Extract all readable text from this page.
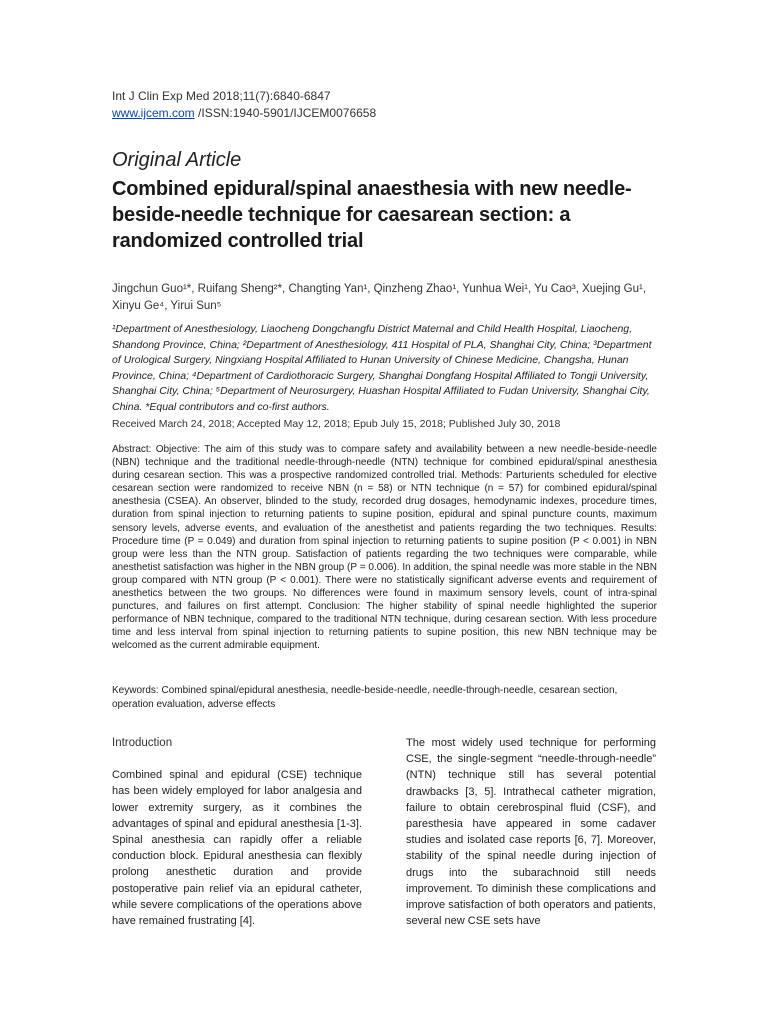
Int J Clin Exp Med 2018;11(7):6840-6847
www.ijcem.com /ISSN:1940-5901/IJCEM0076658
Original Article
Combined epidural/spinal anaesthesia with new needle-beside-needle technique for caesarean section: a randomized controlled trial
Jingchun Guo¹*, Ruifang Sheng²*, Changting Yan¹, Qinzheng Zhao¹, Yunhua Wei¹, Yu Cao³, Xuejing Gu¹, Xinyu Ge⁴, Yirui Sun⁵
¹Department of Anesthesiology, Liaocheng Dongchangfu District Maternal and Child Health Hospital, Liaocheng, Shandong Province, China; ²Department of Anesthesiology, 411 Hospital of PLA, Shanghai City, China; ³Department of Urological Surgery, Ningxiang Hospital Affiliated to Hunan University of Chinese Medicine, Changsha, Hunan Province, China; ⁴Department of Cardiothoracic Surgery, Shanghai Dongfang Hospital Affiliated to Tongji University, Shanghai City, China; ⁵Department of Neurosurgery, Huashan Hospital Affiliated to Fudan University, Shanghai City, China. *Equal contributors and co-first authors.
Received March 24, 2018; Accepted May 12, 2018; Epub July 15, 2018; Published July 30, 2018
Abstract: Objective: The aim of this study was to compare safety and availability between a new needle-beside-needle (NBN) technique and the traditional needle-through-needle (NTN) technique for combined epidural/spinal anesthesia during cesarean section. This was a prospective randomized controlled trial. Methods: Parturients scheduled for elective cesarean section were randomized to receive NBN (n = 58) or NTN technique (n = 57) for combined epidural/spinal anesthesia (CSEA). An observer, blinded to the study, recorded drug dosages, hemodynamic indexes, procedure times, duration from spinal injection to returning patients to supine position, epidural and spinal puncture counts, maximum sensory levels, adverse events, and evaluation of the anesthetist and patients regarding the two techniques. Results: Procedure time (P = 0.049) and duration from spinal injection to returning patients to supine position (P < 0.001) in NBN group were less than the NTN group. Satisfaction of patients regarding the two techniques were comparable, while anesthetist satisfaction was higher in the NBN group (P = 0.006). In addition, the spinal needle was more stable in the NBN group compared with NTN group (P < 0.001). There were no statistically significant adverse events and requirement of anesthetics between the two groups. No differences were found in maximum sensory levels, count of intra-spinal punctures, and failures on first attempt. Conclusion: The higher stability of spinal needle highlighted the superior performance of NBN technique, compared to the traditional NTN technique, during cesarean section. With less procedure time and less interval from spinal injection to returning patients to supine position, this new NBN technique may be welcomed as the current admirable equipment.
Keywords: Combined spinal/epidural anesthesia, needle-beside-needle, needle-through-needle, cesarean section, operation evaluation, adverse effects
Introduction

Combined spinal and epidural (CSE) technique has been widely employed for labor analgesia and lower extremity surgery, as it combines the advantages of spinal and epidural anesthesia [1-3]. Spinal anesthesia can rapidly offer a reliable conduction block. Epidural anesthesia can flexibly prolong anesthetic duration and provide postoperative pain relief via an epidural catheter, while severe complications of the operations above have remained frustrating [4].

The most widely used technique for performing CSE, the single-segment “needle-through-needle” (NTN) technique still has several potential drawbacks [3, 5]. Intrathecal catheter migration, failure to obtain cerebrospinal fluid (CSF), and paresthesia have appeared in some cadaver studies and isolated case reports [6, 7]. Moreover, stability of the spinal needle during injection of drugs into the subarachnoid still needs improvement. To diminish these complications and improve satisfaction of both operators and patients, several new CSE sets have
